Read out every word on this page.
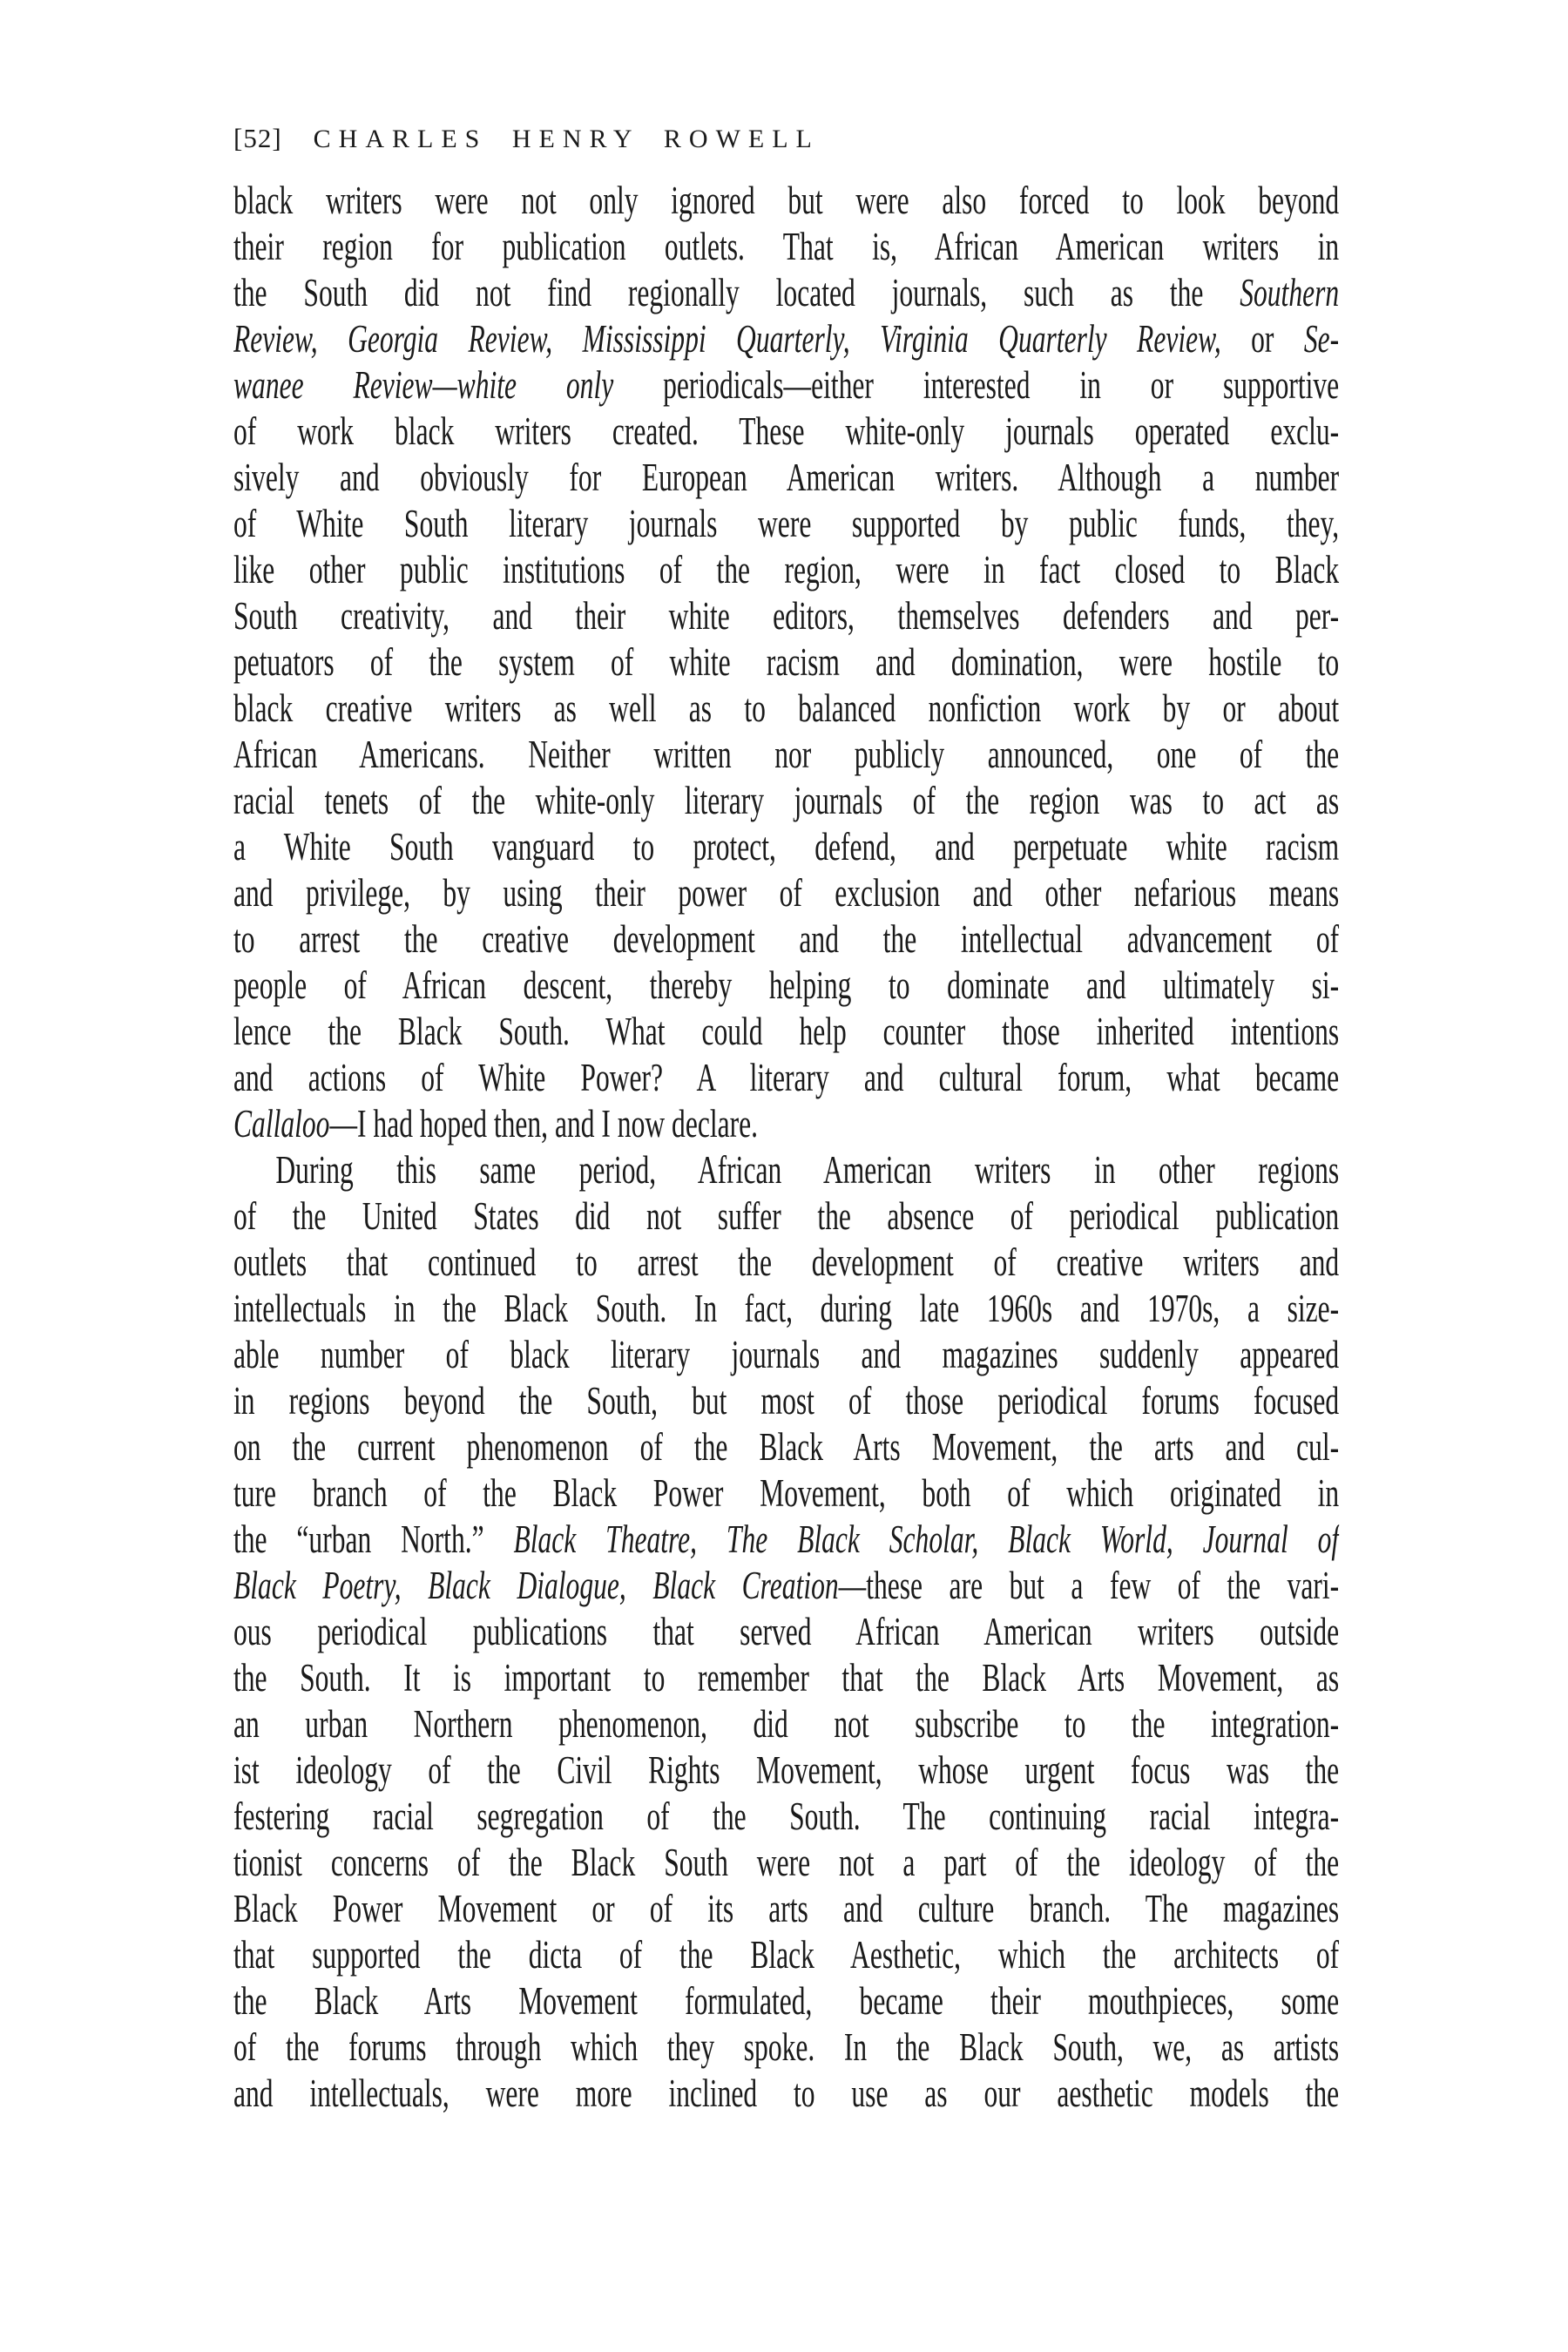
[52] CHARLES HENRY ROWELL
black writers were not only ignored but were also forced to look beyond
their region for publication outlets. That is, African American writers in
the South did not find regionally located journals, such as the Southern
Review, Georgia Review, Mississippi Quarterly, Virginia Quarterly Review, or Se-
wanee Review—white only periodicals—either interested in or supportive
of work black writers created. These white-only journals operated exclu-
sively and obviously for European American writers. Although a number
of White South literary journals were supported by public funds, they,
like other public institutions of the region, were in fact closed to Black
South creativity, and their white editors, themselves defenders and per-
petuators of the system of white racism and domination, were hostile to
black creative writers as well as to balanced nonfiction work by or about
African Americans. Neither written nor publicly announced, one of the
racial tenets of the white-only literary journals of the region was to act as
a White South vanguard to protect, defend, and perpetuate white racism
and privilege, by using their power of exclusion and other nefarious means
to arrest the creative development and the intellectual advancement of
people of African descent, thereby helping to dominate and ultimately si-
lence the Black South. What could help counter those inherited intentions
and actions of White Power? A literary and cultural forum, what became
Callaloo—I had hoped then, and I now declare.
During this same period, African American writers in other regions
of the United States did not suffer the absence of periodical publication
outlets that continued to arrest the development of creative writers and
intellectuals in the Black South. In fact, during late 1960s and 1970s, a size-
able number of black literary journals and magazines suddenly appeared
in regions beyond the South, but most of those periodical forums focused
on the current phenomenon of the Black Arts Movement, the arts and cul-
ture branch of the Black Power Movement, both of which originated in
the “urban North.” Black Theatre, The Black Scholar, Black World, Journal of
Black Poetry, Black Dialogue, Black Creation—these are but a few of the vari-
ous periodical publications that served African American writers outside
the South. It is important to remember that the Black Arts Movement, as
an urban Northern phenomenon, did not subscribe to the integration-
ist ideology of the Civil Rights Movement, whose urgent focus was the
festering racial segregation of the South. The continuing racial integra-
tionist concerns of the Black South were not a part of the ideology of the
Black Power Movement or of its arts and culture branch. The magazines
that supported the dicta of the Black Aesthetic, which the architects of
the Black Arts Movement formulated, became their mouthpieces, some
of the forums through which they spoke. In the Black South, we, as artists
and intellectuals, were more inclined to use as our aesthetic models the
